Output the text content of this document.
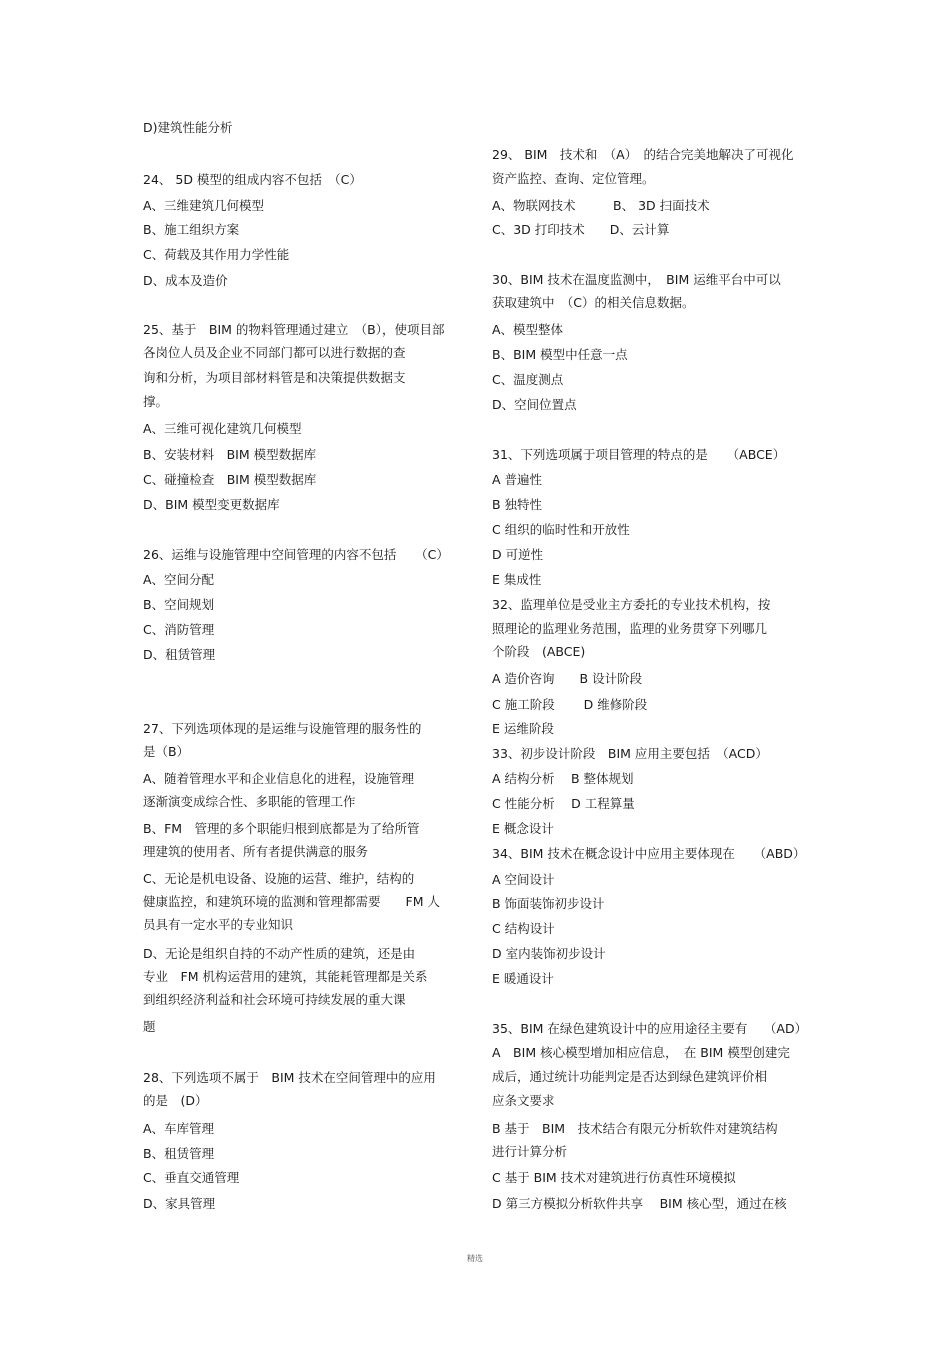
D)建筑性能分析
24、 5D 模型的组成内容不包括　（C）
A、三维建筑几何模型
B、施工组织方案
C、荷载及其作用力学性能
D、成本及造价
25、基于　BIM 的物料管理通过建立　（B），使项目部
各岗位人员及企业不同部门都可以进行数据的查
询和分析，为项目部材料管是和决策提供数据支
撑。
A、三维可视化建筑几何模型
B、安装材料　BIM 模型数据库
C、碰撞检查　BIM 模型数据库
D、BIM 模型变更数据库
26、运维与设施管理中空间管理的内容不包括　　（C）
A、空间分配
B、空间规划
C、消防管理
D、租赁管理
27、下列选项体现的是运维与设施管理的服务性的
是（B）
A、随着管理水平和企业信息化的进程，设施管理
逐渐演变成综合性、多职能的管理工作
B、FM　管理的多个职能归根到底都是为了给所管
理建筑的使用者、所有者提供满意的服务
C、无论是机电设备、设施的运营、维护，结构的
健康监控，和建筑环境的监测和管理都需要　　FM 人
员具有一定水平的专业知识
D、无论是组织自持的不动产性质的建筑，还是由
专业　FM 机构运营用的建筑，其能耗管理都是关系
到组织经济利益和社会环境可持续发展的重大课
题
28、下列选项不属于　BIM 技术在空间管理中的应用
的是　(D）
A、车库管理
B、租赁管理
C、垂直交通管理
D、家具管理
29、 BIM　技术和　（A）　的结合完美地解决了可视化
资产监控、查询、定位管理。
A、物联网技术　　　B、 3D 扫面技术
C、3D 打印技术　　D、云计算
30、BIM 技术在温度监测中，　BIM 运维平台中可以
获取建筑中　（C）的相关信息数据。
A、模型整体
B、BIM 模型中任意一点
C、温度测点
D、空间位置点
31、下列选项属于项目管理的特点的是　　（ABCE）
A 普遍性
B 独特性
C 组织的临时性和开放性
D 可逆性
E 集成性
32、监理单位是受业主方委托的专业技术机构，按
照理论的监理业务范围，监理的业务贯穿下列哪几
个阶段　(ABCE)
A 造价咨询　　B 设计阶段
C 施工阶段　　 D 维修阶段
E 运维阶段
33、初步设计阶段　BIM 应用主要包括　（ACD）
A 结构分析　 B 整体规划
C 性能分析　 D 工程算量
E 概念设计
34、BIM 技术在概念设计中应用主要体现在　　（ABD）
A 空间设计
B 饰面装饰初步设计
C 结构设计
D 室内装饰初步设计
E 暖通设计
35、BIM 在绿色建筑设计中的应用途径主要有　 （AD）
A　BIM 核心模型增加相应信息，　在 BIM 模型创建完
成后，通过统计功能判定是否达到绿色建筑评价相
应条文要求
B 基于　BIM　技术结合有限元分析软件对建筑结构
进行计算分析
C 基于 BIM 技术对建筑进行仿真性环境模拟
D 第三方模拟分析软件共享　 BIM 核心型，通过在核
精选
